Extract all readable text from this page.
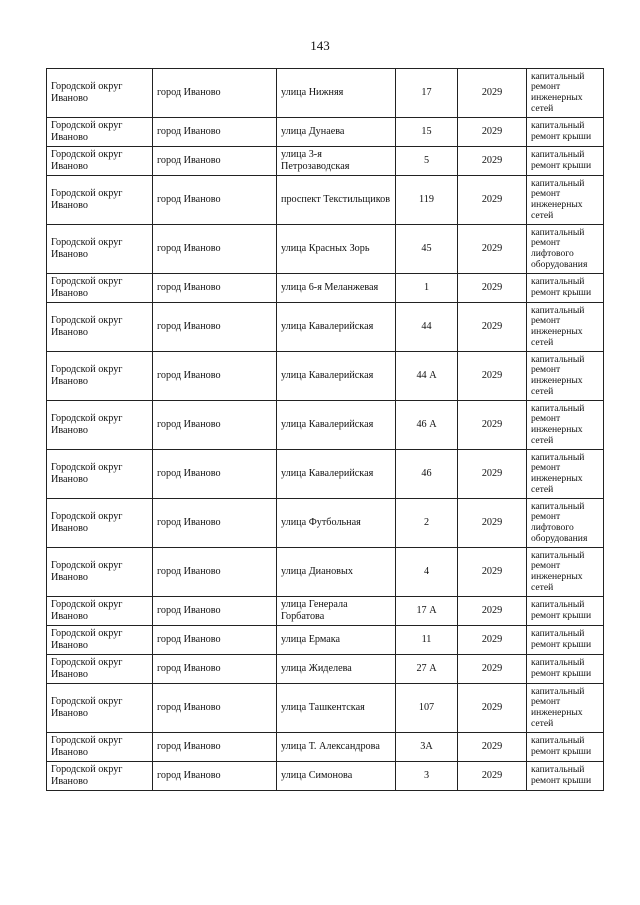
143
Городской округ Иваново	город Иваново	улица Нижняя	17	2029	капитальный ремонт инженерных сетей
Городской округ Иваново	город Иваново	улица Дунаева	15	2029	капитальный ремонт крыши
Городской округ Иваново	город Иваново	улица 3-я Петрозаводская	5	2029	капитальный ремонт крыши
Городской округ Иваново	город Иваново	проспект Текстильщиков	119	2029	капитальный ремонт инженерных сетей
Городской округ Иваново	город Иваново	улица Красных Зорь	45	2029	капитальный ремонт лифтового оборудования
Городской округ Иваново	город Иваново	улица 6-я Меланжевая	1	2029	капитальный ремонт крыши
Городской округ Иваново	город Иваново	улица Кавалерийская	44	2029	капитальный ремонт инженерных сетей
Городской округ Иваново	город Иваново	улица Кавалерийская	44 А	2029	капитальный ремонт инженерных сетей
Городской округ Иваново	город Иваново	улица Кавалерийская	46 А	2029	капитальный ремонт инженерных сетей
Городской округ Иваново	город Иваново	улица Кавалерийская	46	2029	капитальный ремонт инженерных сетей
Городской округ Иваново	город Иваново	улица Футбольная	2	2029	капитальный ремонт лифтового оборудования
Городской округ Иваново	город Иваново	улица Диановых	4	2029	капитальный ремонт инженерных сетей
Городской округ Иваново	город Иваново	улица Генерала Горбатова	17 А	2029	капитальный ремонт крыши
Городской округ Иваново	город Иваново	улица Ермака	11	2029	капитальный ремонт крыши
Городской округ Иваново	город Иваново	улица Жиделева	27 А	2029	капитальный ремонт крыши
Городской округ Иваново	город Иваново	улица Ташкентская	107	2029	капитальный ремонт инженерных сетей
Городской округ Иваново	город Иваново	улица Т. Александрова	3А	2029	капитальный ремонт крыши
Городской округ Иваново	город Иваново	улица Симонова	3	2029	капитальный ремонт крыши
